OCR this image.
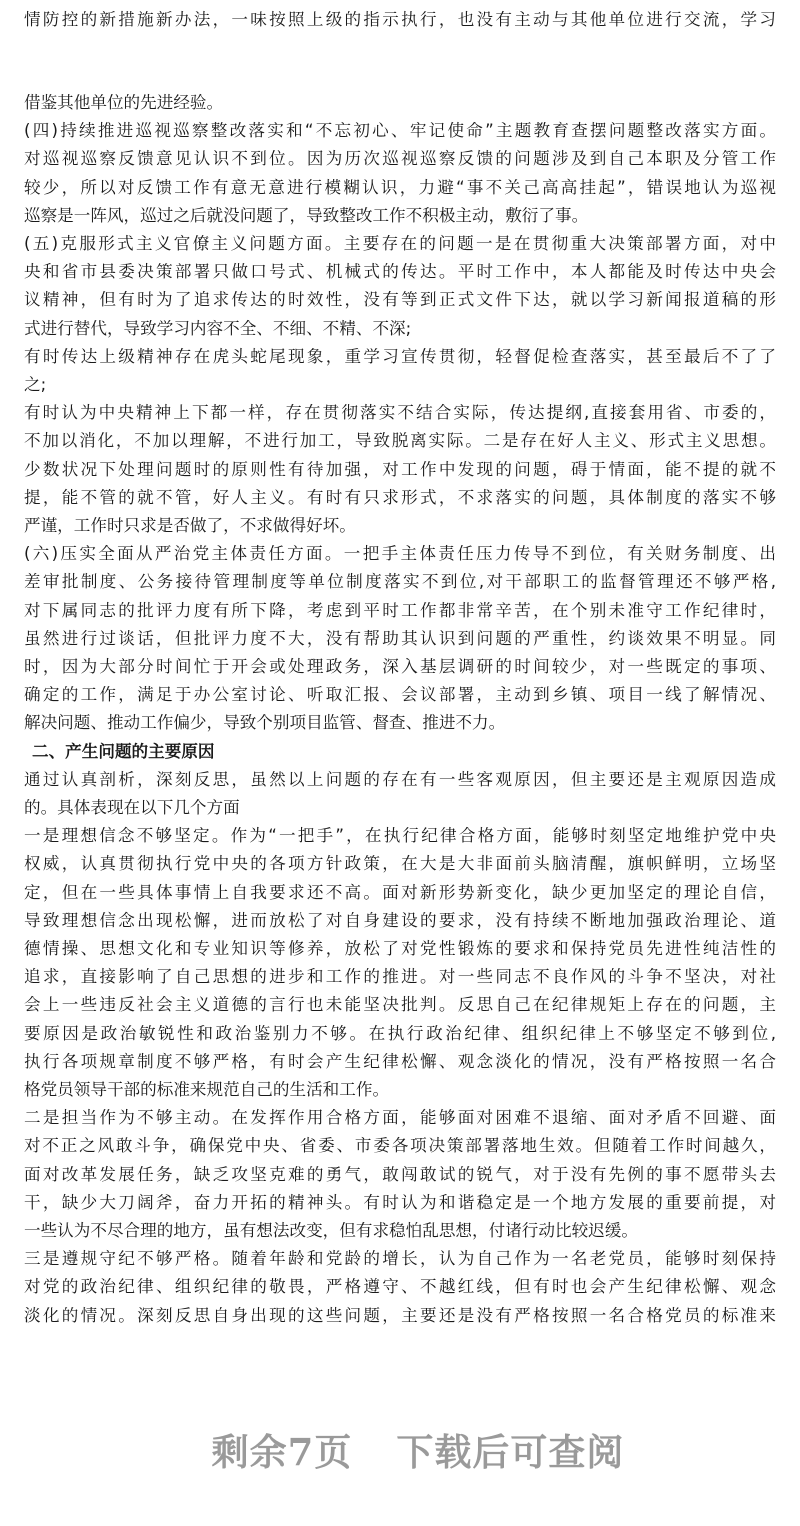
情防控的新措施新办法，一味按照上级的指示执行，也没有主动与其他单位进行交流，学习
借鉴其他单位的先进经验。
(四)持续推进巡视巡察整改落实和“不忘初心、牢记使命”主题教育查摆问题整改落实方面。
对巡视巡察反馈意见认识不到位。因为历次巡视巡察反馈的问题涉及到自己本职及分管工作
较少，所以对反馈工作有意无意进行模糊认识，力避“事不关己高高挂起”，错误地认为巡视
巡察是一阵风，巡过之后就没问题了，导致整改工作不积极主动，敷衍了事。
(五)克服形式主义官僚主义问题方面。主要存在的问题一是在贯彻重大决策部署方面，对中
央和省市县委决策部署只做口号式、机械式的传达。平时工作中，本人都能及时传达中央会
议精神，但有时为了追求传达的时效性，没有等到正式文件下达，就以学习新闻报道稿的形
式进行替代，导致学习内容不全、不细、不精、不深;
有时传达上级精神存在虎头蛇尾现象，重学习宣传贯彻，轻督促检查落实，甚至最后不了了
之;
有时认为中央精神上下都一样，存在贯彻落实不结合实际，传达提纲,直接套用省、市委的，
不加以消化，不加以理解，不进行加工，导致脱离实际。二是存在好人主义、形式主义思想。
少数状况下处理问题时的原则性有待加强，对工作中发现的问题，碍于情面，能不提的就不
提，能不管的就不管，好人主义。有时有只求形式，不求落实的问题，具体制度的落实不够
严谨，工作时只求是否做了，不求做得好坏。
(六)压实全面从严治党主体责任方面。一把手主体责任压力传导不到位，有关财务制度、出
差审批制度、公务接待管理制度等单位制度落实不到位,对干部职工的监督管理还不够严格,
对下属同志的批评力度有所下降，考虑到平时工作都非常辛苦，在个别未准守工作纪律时，
虽然进行过谈话，但批评力度不大，没有帮助其认识到问题的严重性，约谈效果不明显。同
时，因为大部分时间忙于开会或处理政务，深入基层调研的时间较少，对一些既定的事项、
确定的工作，满足于办公室讨论、听取汇报、会议部署，主动到乡镇、项目一线了解情况、
解决问题、推动工作偏少，导致个别项目监管、督查、推进不力。
二、产生问题的主要原因
通过认真剖析，深刻反思，虽然以上问题的存在有一些客观原因，但主要还是主观原因造成
的。具体表现在以下几个方面
一是理想信念不够坚定。作为“一把手”，在执行纪律合格方面，能够时刻坚定地维护党中央
权威，认真贯彻执行党中央的各项方针政策，在大是大非面前头脑清醒，旗帜鲜明，立场坚
定，但在一些具体事情上自我要求还不高。面对新形势新变化，缺少更加坚定的理论自信，
导致理想信念出现松懈，进而放松了对自身建设的要求，没有持续不断地加强政治理论、道
德情操、思想文化和专业知识等修养，放松了对党性锻炼的要求和保持党员先进性纯洁性的
追求，直接影响了自己思想的进步和工作的推进。对一些同志不良作风的斗争不坚决，对社
会上一些违反社会主义道德的言行也未能坚决批判。反思自己在纪律规矩上存在的问题，主
要原因是政治敏锐性和政治鉴别力不够。在执行政治纪律、组织纪律上不够坚定不够到位,
执行各项规章制度不够严格，有时会产生纪律松懈、观念淡化的情况，没有严格按照一名合
格党员领导干部的标准来规范自己的生活和工作。
二是担当作为不够主动。在发挥作用合格方面，能够面对困难不退缩、面对矛盾不回避、面
对不正之风敢斗争，确保党中央、省委、市委各项决策部署落地生效。但随着工作时间越久，
面对改革发展任务，缺乏攻坚克难的勇气，敢闯敢试的锐气，对于没有先例的事不愿带头去
干，缺少大刀阔斧，奋力开拓的精神头。有时认为和谐稳定是一个地方发展的重要前提，对
一些认为不尽合理的地方，虽有想法改变，但有求稳怕乱思想，付诸行动比较迟缓。
三是遵规守纪不够严格。随着年龄和党龄的增长，认为自己作为一名老党员，能够时刻保持
对党的政治纪律、组织纪律的敬畏，严格遵守、不越红线，但有时也会产生纪律松懈、观念
淡化的情况。深刻反思自身出现的这些问题，主要还是没有严格按照一名合格党员的标准来
剩余7页 下载后可查阅
